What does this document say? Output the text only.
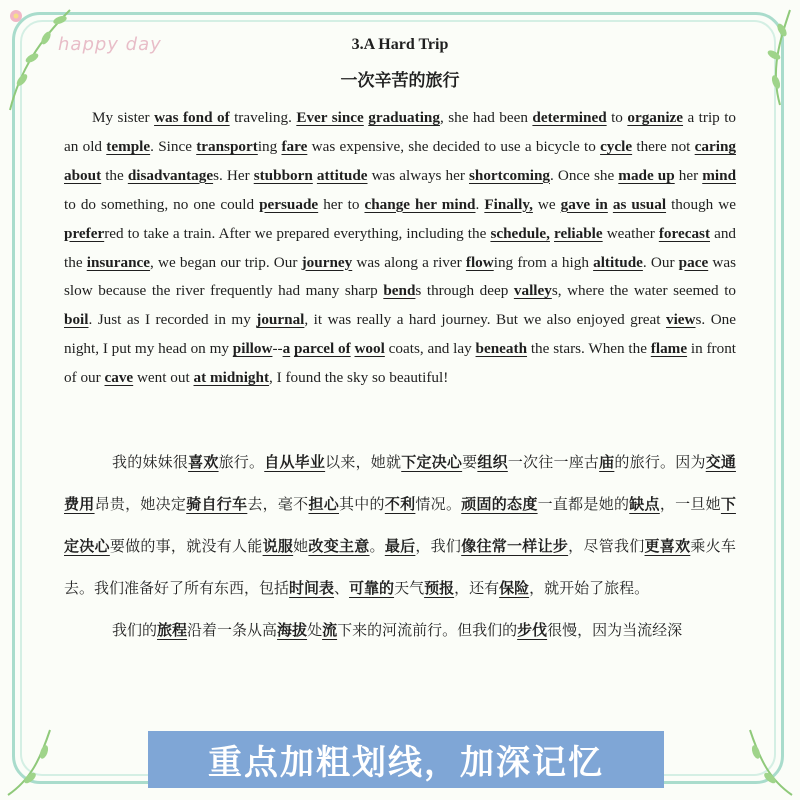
happy day	3.A Hard Trip
一次辛苦的旅行

My sister was fond of traveling. Ever since graduating, she had been determined to organize a trip to an old temple. Since transporting fare was expensive, she decided to use a bicycle to cycle there not caring about the disadvantages. Her stubborn attitude was always her shortcoming. Once she made up her mind to do something, no one could persuade her to change her mind. Finally, we gave in as usual though we preferred to take a train. After we prepared everything, including the schedule, reliable weather forecast and the insurance, we began our trip. Our journey was along a river flowing from a high altitude. Our pace was slow because the river frequently had many sharp bends through deep valleys, where the water seemed to boil. Just as I recorded in my journal, it was really a hard journey. But we also enjoyed great views. One night, I put my head on my pillow--a parcel of wool coats, and lay beneath the stars. When the flame in front of our cave went out at midnight, I found the sky so beautiful!

我的妹妹很喜欢旅行。自从毕业以来，她就下定决心要组织一次往一座古庙的旅行。因为交通费用昂贵，她决定骑自行车去，毫不担心其中的不利情况。顽固的态度一直都是她的缺点，一旦她下定决心要做的事，就没有人能说服她改变主意。最后，我们像往常一样让步，尽管我们更喜欢乘火车去。我们准备好了所有东西，包括时间表、可靠的天气预报，还有保险，就开始了旅程。

我们的旅程沿着一条从高海拔处流下来的河流前行。但我们的步伐很慢，因为当流经深

重点加粗划线，加深记忆
